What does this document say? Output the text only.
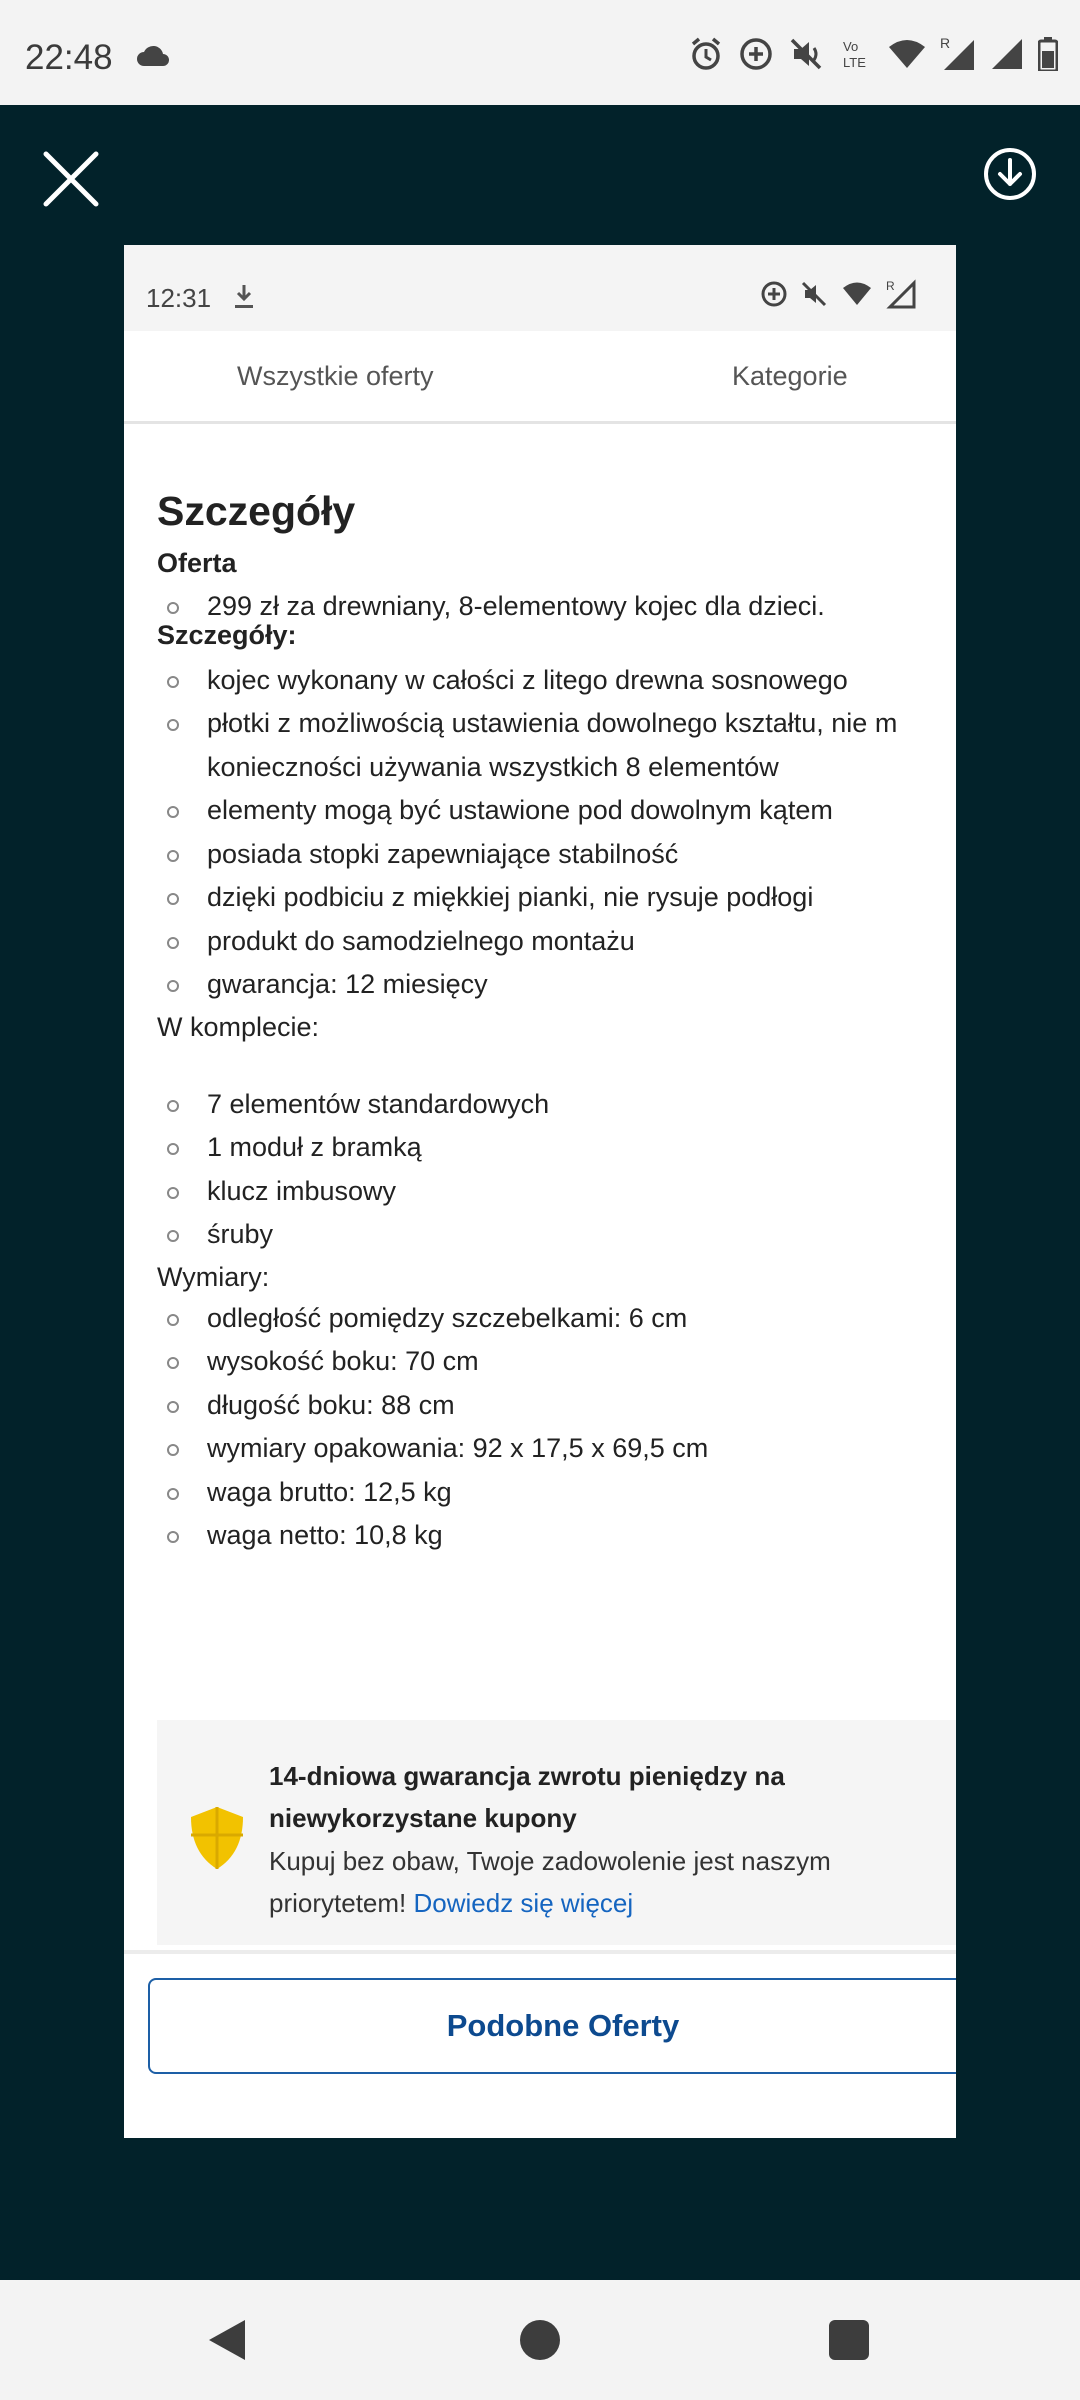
22:48	Vo
LTE
R
12:31	R
Wszystkie oferty	Kategorie
Szczegóły
Oferta
299 zł za drewniany, 8-elementowy kojec dla dzieci.
Szczegóły:
kojec wykonany w całości z litego drewna sosnowego
płotki z możliwością ustawienia dowolnego kształtu, nie m
konieczności używania wszystkich 8 elementów
elementy mogą być ustawione pod dowolnym kątem
posiada stopki zapewniające stabilność
dzięki podbiciu z miękkiej pianki, nie rysuje podłogi
produkt do samodzielnego montażu
gwarancja: 12 miesięcy
W komplecie:
7 elementów standardowych
1 moduł z bramką
klucz imbusowy
śruby
Wymiary:
odległość pomiędzy szczebelkami: 6 cm
wysokość boku: 70 cm
długość boku: 88 cm
wymiary opakowania: 92 x 17,5 x 69,5 cm
waga brutto: 12,5 kg
waga netto: 10,8 kg
14-dniowa gwarancja zwrotu pieniędzy na niewykorzystane kupony
Kupuj bez obaw, Twoje zadowolenie jest naszym priorytetem! Dowiedz się więcej
Podobne Oferty
